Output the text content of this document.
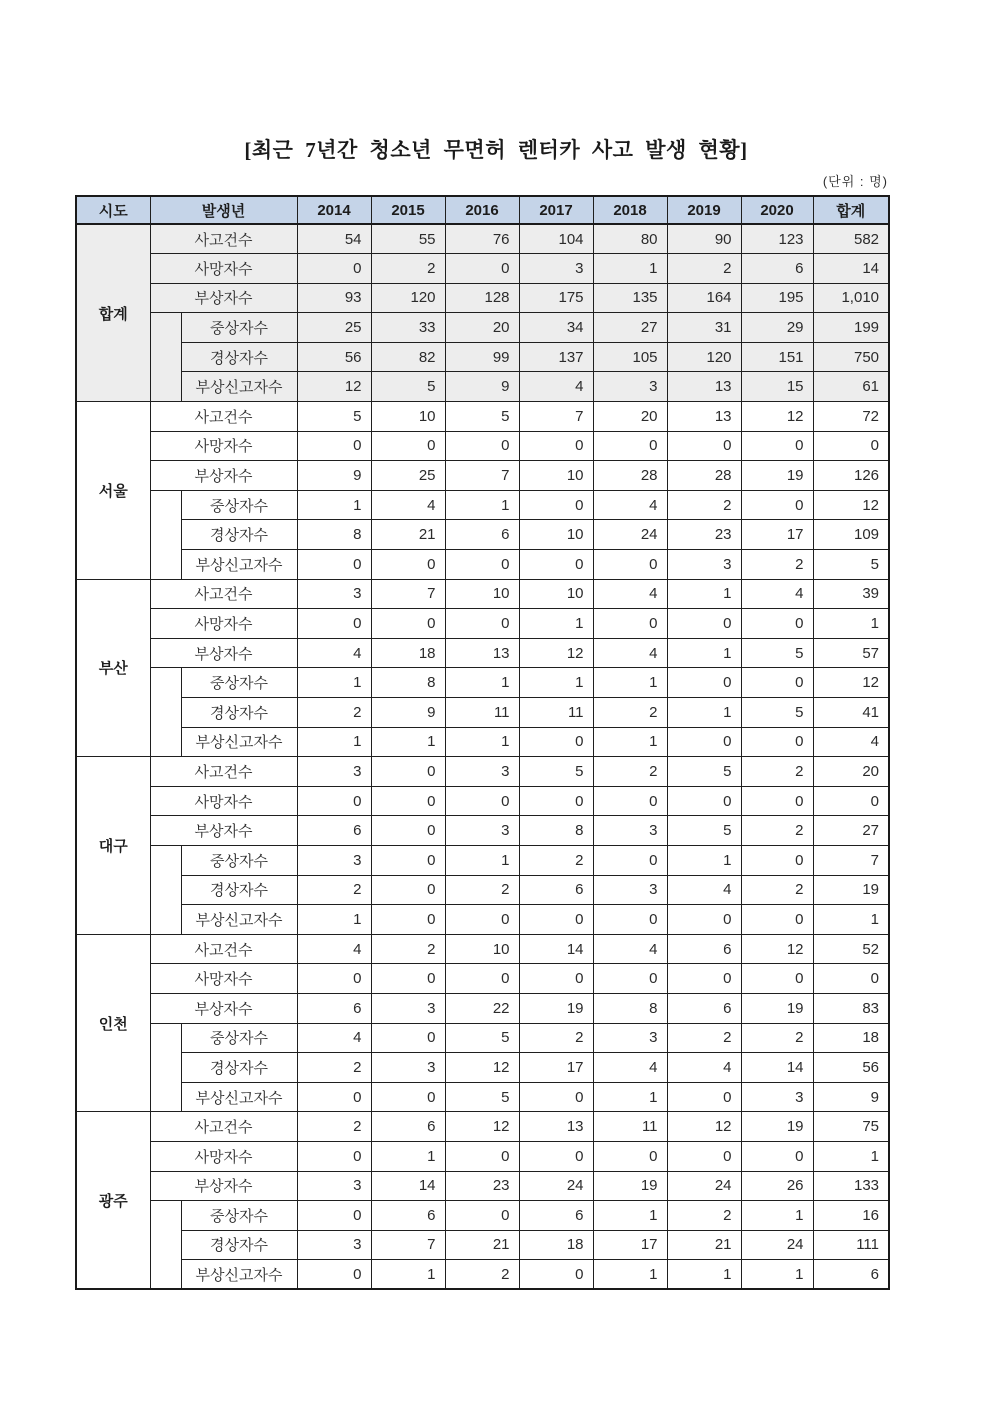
[최근 7년간 청소년 무면허 렌터카 사고 발생 현황]
(단위 : 명)
시도	발생년		2014	2015	2016	2017	2018	2019	2020	합계
합계	사고건수		54	55	76	104	80	90	123	582
	사망자수		0	2	0	3	1	2	6	14
	부상자수		93	120	128	175	135	164	195	1,010
		중상자수	25	33	20	34	27	31	29	199
		경상자수	56	82	99	137	105	120	151	750
		부상신고자수	12	5	9	4	3	13	15	61
서울	사고건수		5	10	5	7	20	13	12	72
	사망자수		0	0	0	0	0	0	0	0
	부상자수		9	25	7	10	28	28	19	126
		중상자수	1	4	1	0	4	2	0	12
		경상자수	8	21	6	10	24	23	17	109
		부상신고자수	0	0	0	0	0	3	2	5
부산	사고건수		3	7	10	10	4	1	4	39
	사망자수		0	0	0	1	0	0	0	1
	부상자수		4	18	13	12	4	1	5	57
		중상자수	1	8	1	1	1	0	0	12
		경상자수	2	9	11	11	2	1	5	41
		부상신고자수	1	1	1	0	1	0	0	4
대구	사고건수		3	0	3	5	2	5	2	20
	사망자수		0	0	0	0	0	0	0	0
	부상자수		6	0	3	8	3	5	2	27
		중상자수	3	0	1	2	0	1	0	7
		경상자수	2	0	2	6	3	4	2	19
		부상신고자수	1	0	0	0	0	0	0	1
인천	사고건수		4	2	10	14	4	6	12	52
	사망자수		0	0	0	0	0	0	0	0
	부상자수		6	3	22	19	8	6	19	83
		중상자수	4	0	5	2	3	2	2	18
		경상자수	2	3	12	17	4	4	14	56
		부상신고자수	0	0	5	0	1	0	3	9
광주	사고건수		2	6	12	13	11	12	19	75
	사망자수		0	1	0	0	0	0	0	1
	부상자수		3	14	23	24	19	24	26	133
		중상자수	0	6	0	6	1	2	1	16
		경상자수	3	7	21	18	17	21	24	111
		부상신고자수	0	1	2	0	1	1	1	6
